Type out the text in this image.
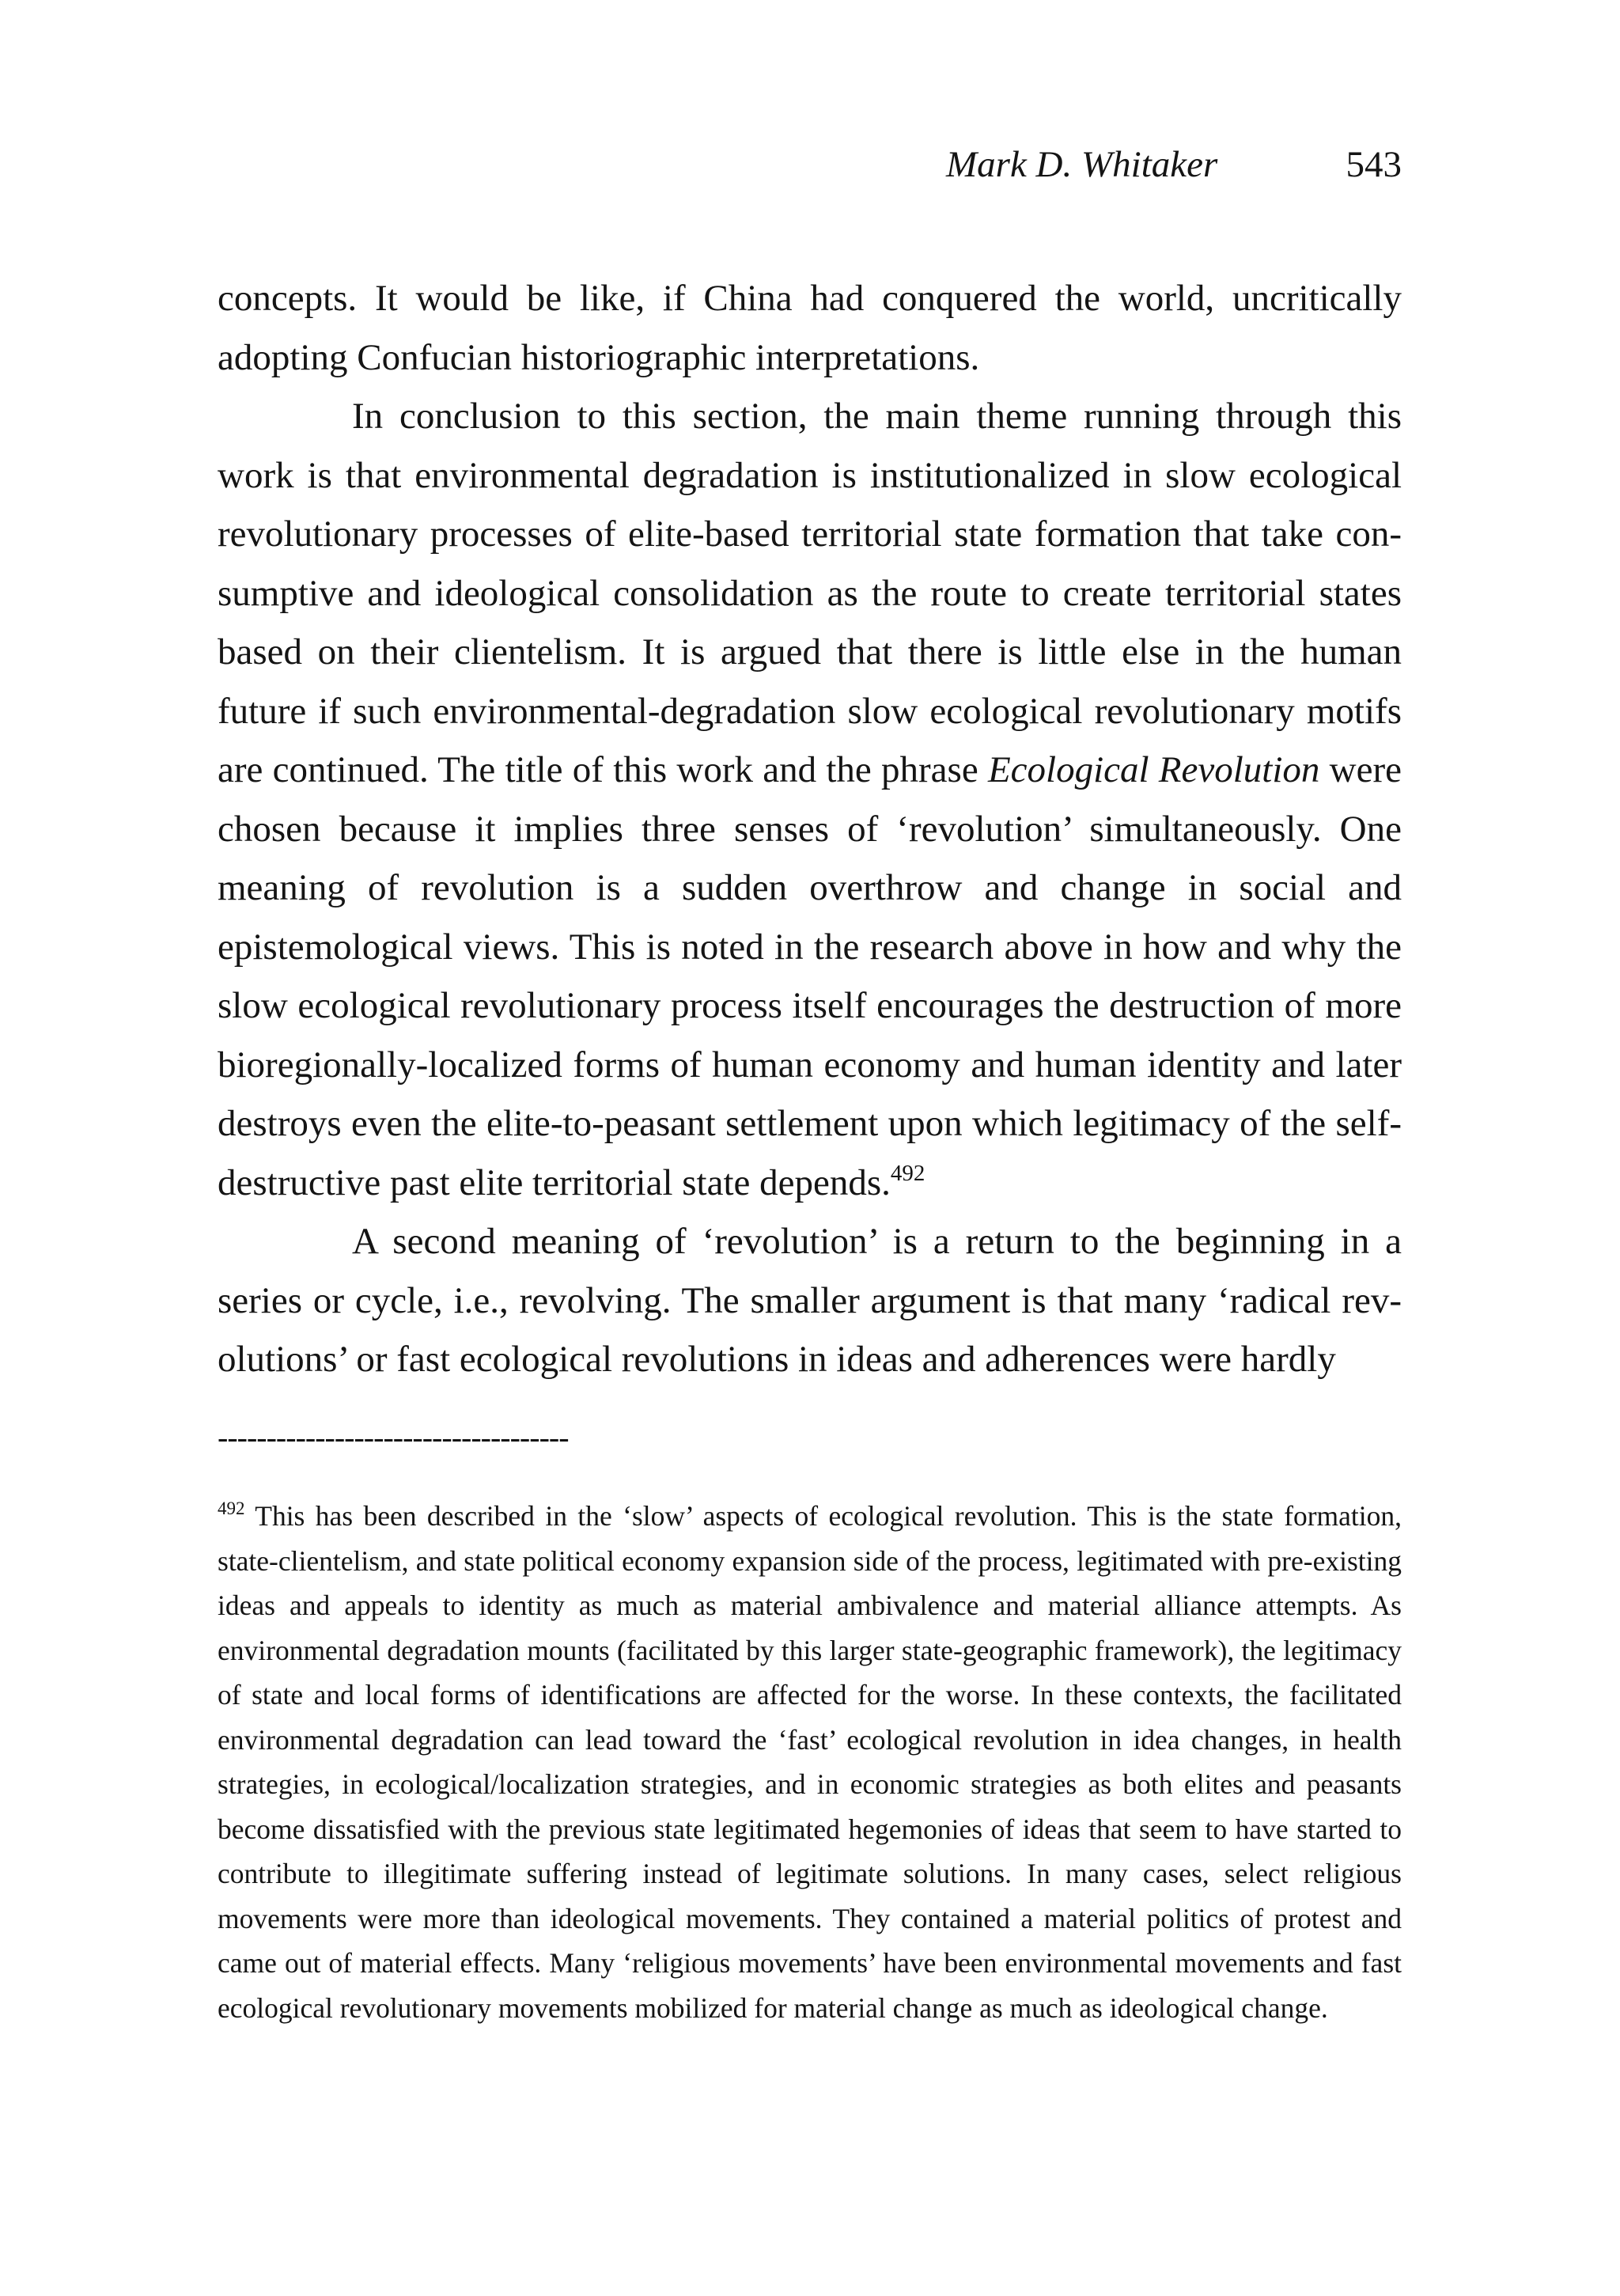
Mark D. Whitaker	543

concepts. It would be like, if China had conquered the world, uncritically adopting Confucian historiographic interpretations.

In conclusion to this section, the main theme running through this work is that environmental degradation is institutionalized in slow ecological revolutionary processes of elite-based territorial state formation that take consumptive and ideological consolidation as the route to create territorial states based on their clientelism. It is argued that there is little else in the human future if such environmental-degradation slow ecological revolutionary motifs are continued. The title of this work and the phrase Ecological Revolution were chosen because it implies three senses of ‘revolution’ simultaneously. One meaning of revolution is a sudden overthrow and change in social and epistemological views. This is noted in the research above in how and why the slow ecological revolutionary process itself encourages the destruction of more bioregionally-localized forms of human economy and human identity and later destroys even the elite-to-peasant settlement upon which legitimacy of the self-destructive past elite territorial state depends.$^{492}$

A second meaning of ‘revolution’ is a return to the beginning in a series or cycle, i.e., revolving. The smaller argument is that many ‘radical revolutions’ or fast ecological revolutions in ideas and adherences were hardly

------------------------------------

$^{492}$ This has been described in the ‘slow’ aspects of ecological revolution. This is the state formation, state-clientelism, and state political economy expansion side of the process, legitimated with pre-existing ideas and appeals to identity as much as material ambivalence and material alliance attempts. As environmental degradation mounts (facilitated by this larger state-geographic framework), the legitimacy of state and local forms of identifications are affected for the worse. In these contexts, the facilitated environmental degradation can lead toward the ‘fast’ ecological revolution in idea changes, in health strategies, in ecological/localization strategies, and in economic strategies as both elites and peasants become dissatisfied with the previous state legitimated hegemonies of ideas that seem to have started to contribute to illegitimate suffering instead of legitimate solutions. In many cases, select religious movements were more than ideological movements. They contained a material politics of protest and came out of material effects. Many ‘religious movements’ have been environmental movements and fast ecological revolutionary movements mobilized for material change as much as ideological change.
